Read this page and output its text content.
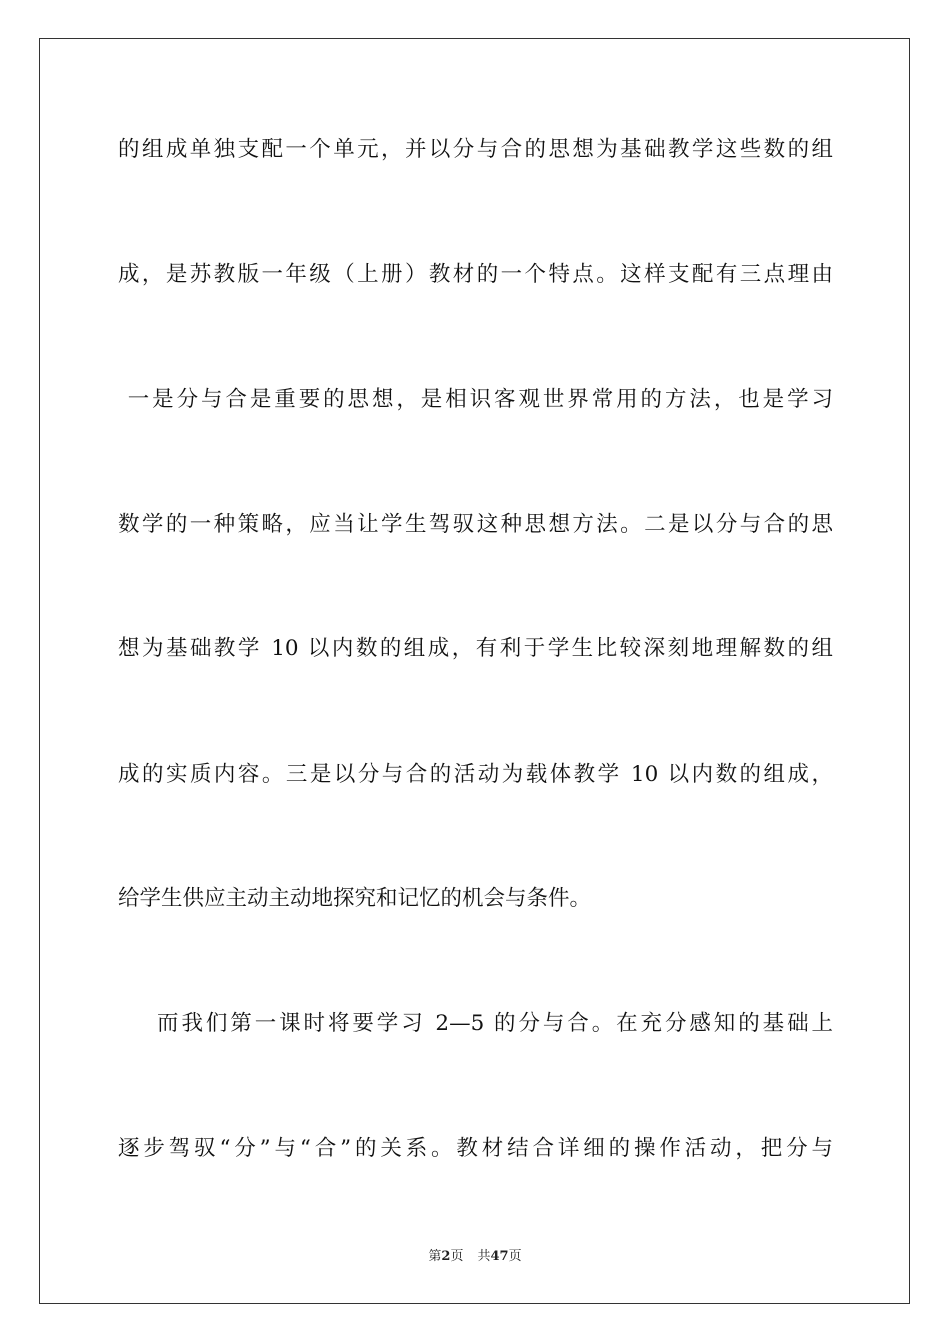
的组成单独支配一个单元，并以分与合的思想为基础教学这些数的组
成，是苏教版一年级（上册）教材的一个特点。这样支配有三点理由
一是分与合是重要的思想，是相识客观世界常用的方法，也是学习
数学的一种策略，应当让学生驾驭这种思想方法。二是以分与合的思
想为基础教学 10 以内数的组成，有利于学生比较深刻地理解数的组
成的实质内容。三是以分与合的活动为载体教学 10 以内数的组成，
给学生供应主动主动地探究和记忆的机会与条件。
而我们第一课时将要学习 2—5 的分与合。在充分感知的基础上
逐步驾驭“分”与“合”的关系。教材结合详细的操作活动，把分与
第2页 共47页
